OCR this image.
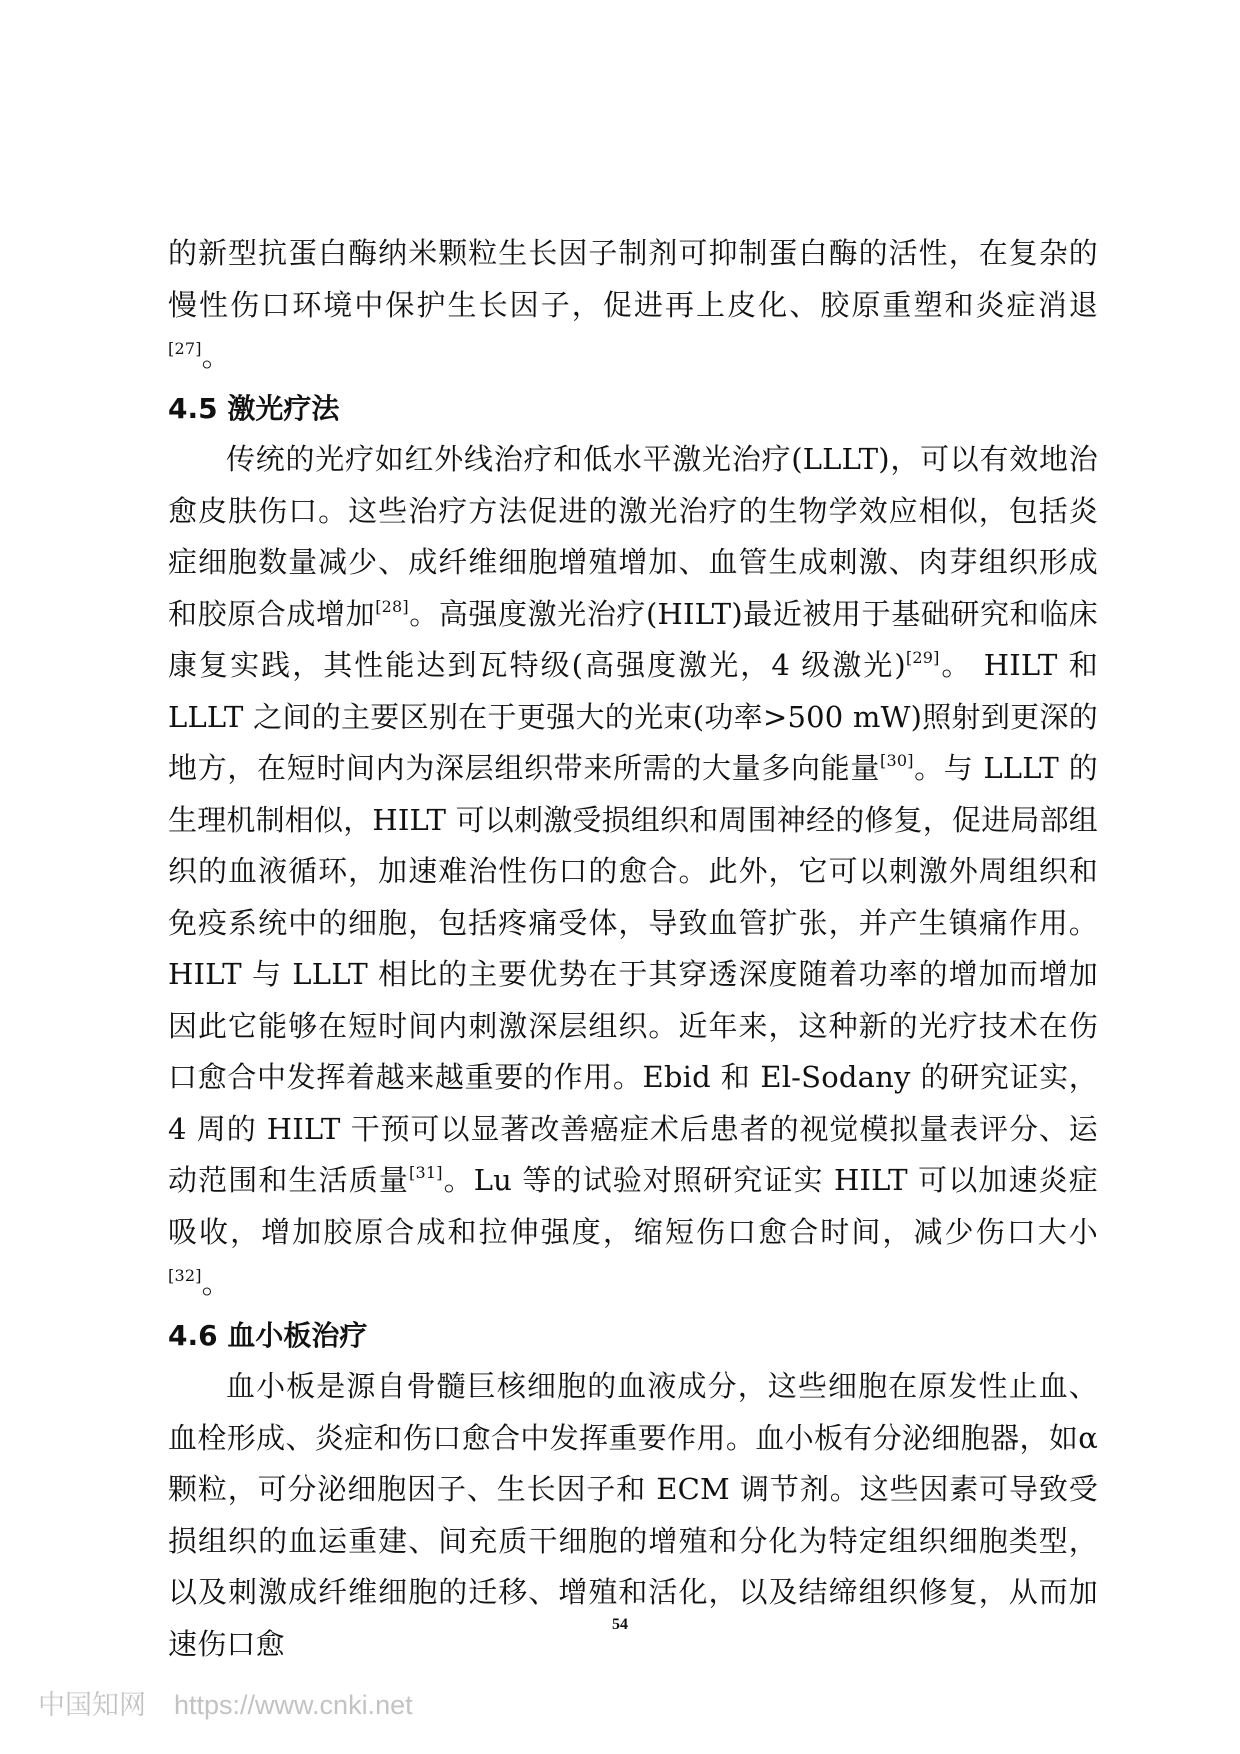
的新型抗蛋白酶纳米颗粒生长因子制剂可抑制蛋白酶的活性，在复杂的慢性伤口环境中保护生长因子，促进再上皮化、胶原重塑和炎症消退[27]。

4.5 激光疗法

传统的光疗如红外线治疗和低水平激光治疗(LLLT)，可以有效地治愈皮肤伤口。这些治疗方法促进的激光治疗的生物学效应相似，包括炎症细胞数量减少、成纤维细胞增殖增加、血管生成刺激、肉芽组织形成和胶原合成增加[28]。高强度激光治疗(HILT)最近被用于基础研究和临床康复实践，其性能达到瓦特级(高强度激光，4 级激光)[29]。 HILT 和 LLLT 之间的主要区别在于更强大的光束(功率>500 mW)照射到更深的地方，在短时间内为深层组织带来所需的大量多向能量[30]。与 LLLT 的生理机制相似，HILT 可以刺激受损组织和周围神经的修复，促进局部组织的血液循环，加速难治性伤口的愈合。此外，它可以刺激外周组织和免疫系统中的细胞，包括疼痛受体，导致血管扩张，并产生镇痛作用。HILT 与 LLLT 相比的主要优势在于其穿透深度随着功率的增加而增加因此它能够在短时间内刺激深层组织。近年来，这种新的光疗技术在伤口愈合中发挥着越来越重要的作用。Ebid 和 El-Sodany 的研究证实，4 周的 HILT 干预可以显著改善癌症术后患者的视觉模拟量表评分、运动范围和生活质量[31]。Lu 等的试验对照研究证实 HILT 可以加速炎症吸收，增加胶原合成和拉伸强度，缩短伤口愈合时间，减少伤口大小[32]。

4.6 血小板治疗

血小板是源自骨髓巨核细胞的血液成分，这些细胞在原发性止血、血栓形成、炎症和伤口愈合中发挥重要作用。血小板有分泌细胞器，如α颗粒，可分泌细胞因子、生长因子和 ECM 调节剂。这些因素可导致受损组织的血运重建、间充质干细胞的增殖和分化为特定组织细胞类型，以及刺激成纤维细胞的迁移、增殖和活化，以及结缔组织修复，从而加速伤口愈

54
中国知网 https://www.cnki.net
